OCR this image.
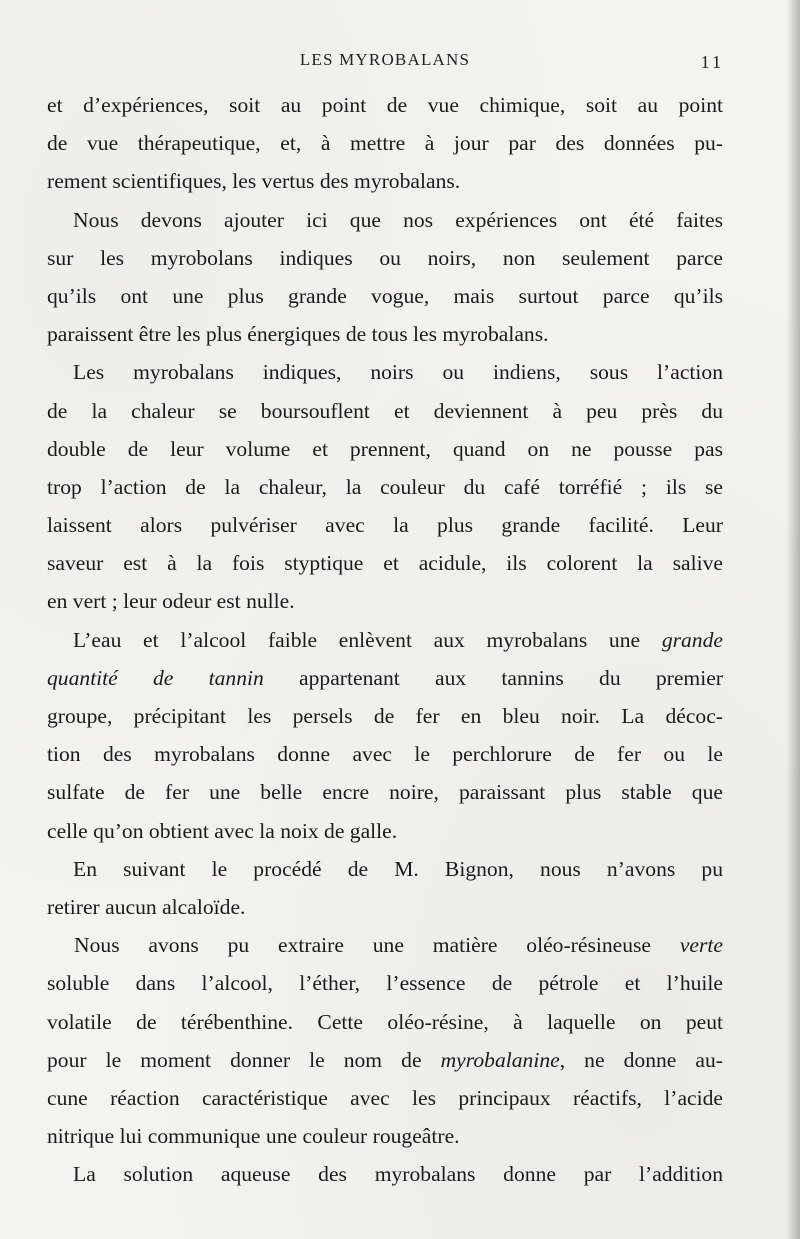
LES MYROBALANS	11
et d’expériences, soit au point de vue chimique, soit au point
de vue thérapeutique, et, à mettre à jour par des données pu-
rement scientifiques, les vertus des myrobalans.
Nous devons ajouter ici que nos expériences ont été faites
sur les myrobolans indiques ou noirs, non seulement parce
qu’ils ont une plus grande vogue, mais surtout parce qu’ils
paraissent être les plus énergiques de tous les myrobalans.
Les myrobalans indiques, noirs ou indiens, sous l’action
de la chaleur se boursouflent et deviennent à peu près du
double de leur volume et prennent, quand on ne pousse pas
trop l’action de la chaleur, la couleur du café torréfié ; ils se
laissent alors pulvériser avec la plus grande facilité. Leur
saveur est à la fois styptique et acidule, ils colorent la salive
en vert ; leur odeur est nulle.
L’eau et l’alcool faible enlèvent aux myrobalans une grande
quantité de tannin appartenant aux tannins du premier
groupe, précipitant les persels de fer en bleu noir. La décoc-
tion des myrobalans donne avec le perchlorure de fer ou le
sulfate de fer une belle encre noire, paraissant plus stable que
celle qu’on obtient avec la noix de galle.
En suivant le procédé de M. Bignon, nous n’avons pu
retirer aucun alcaloïde.
Nous avons pu extraire une matière oléo-résineuse verte
soluble dans l’alcool, l’éther, l’essence de pétrole et l’huile
volatile de térébenthine. Cette oléo-résine, à laquelle on peut
pour le moment donner le nom de myrobalanine, ne donne au-
cune réaction caractéristique avec les principaux réactifs, l’acide
nitrique lui communique une couleur rougeâtre.
La solution aqueuse des myrobalans donne par l’addition
